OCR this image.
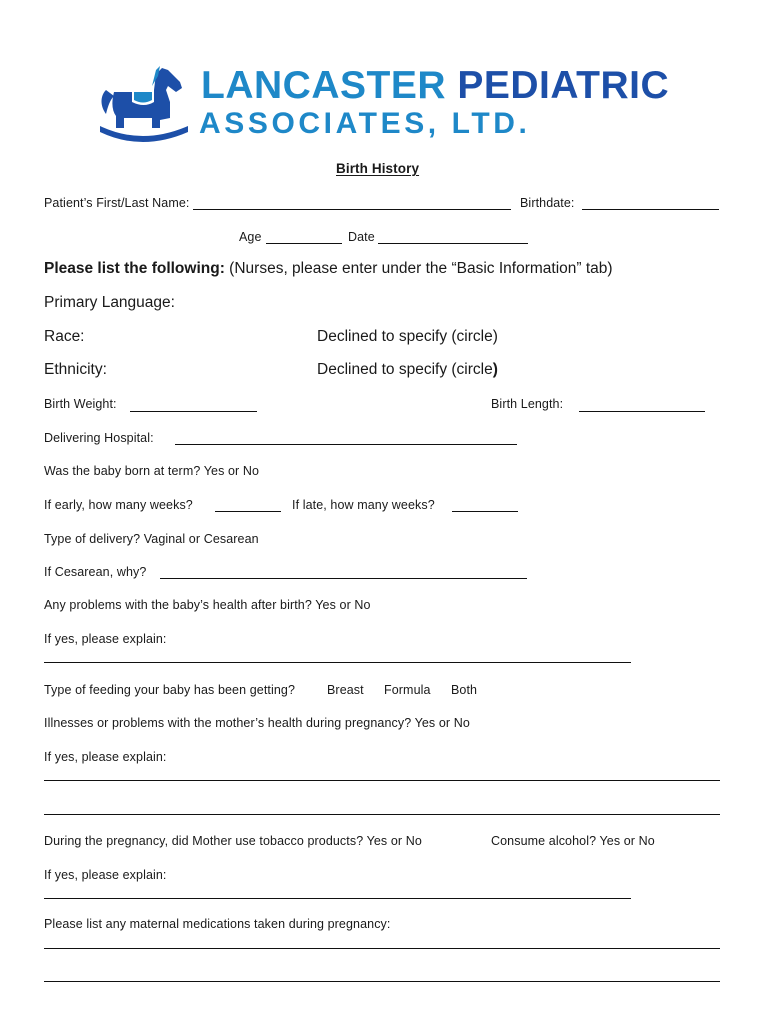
LANCASTER PEDIATRIC
ASSOCIATES, LTD.
Birth History
Patient’s First/Last Name:	Birthdate:
Age	Date
Please list the following: (Nurses, please enter under the “Basic Information” tab)
Primary Language:
Race:	Declined to specify (circle)
Ethnicity:	Declined to specify (circle)
Birth Weight:	Birth Length:
Delivering Hospital:
Was the baby born at term? Yes or No
If early, how many weeks?	If late, how many weeks?
Type of delivery? Vaginal or Cesarean
If Cesarean, why?
Any problems with the baby’s health after birth? Yes or No
If yes, please explain:
Type of feeding your baby has been getting?	Breast Formula Both
Illnesses or problems with the mother’s health during pregnancy? Yes or No
If yes, please explain:
During the pregnancy, did Mother use tobacco products? Yes or No	Consume alcohol? Yes or No
If yes, please explain:
Please list any maternal medications taken during pregnancy:
